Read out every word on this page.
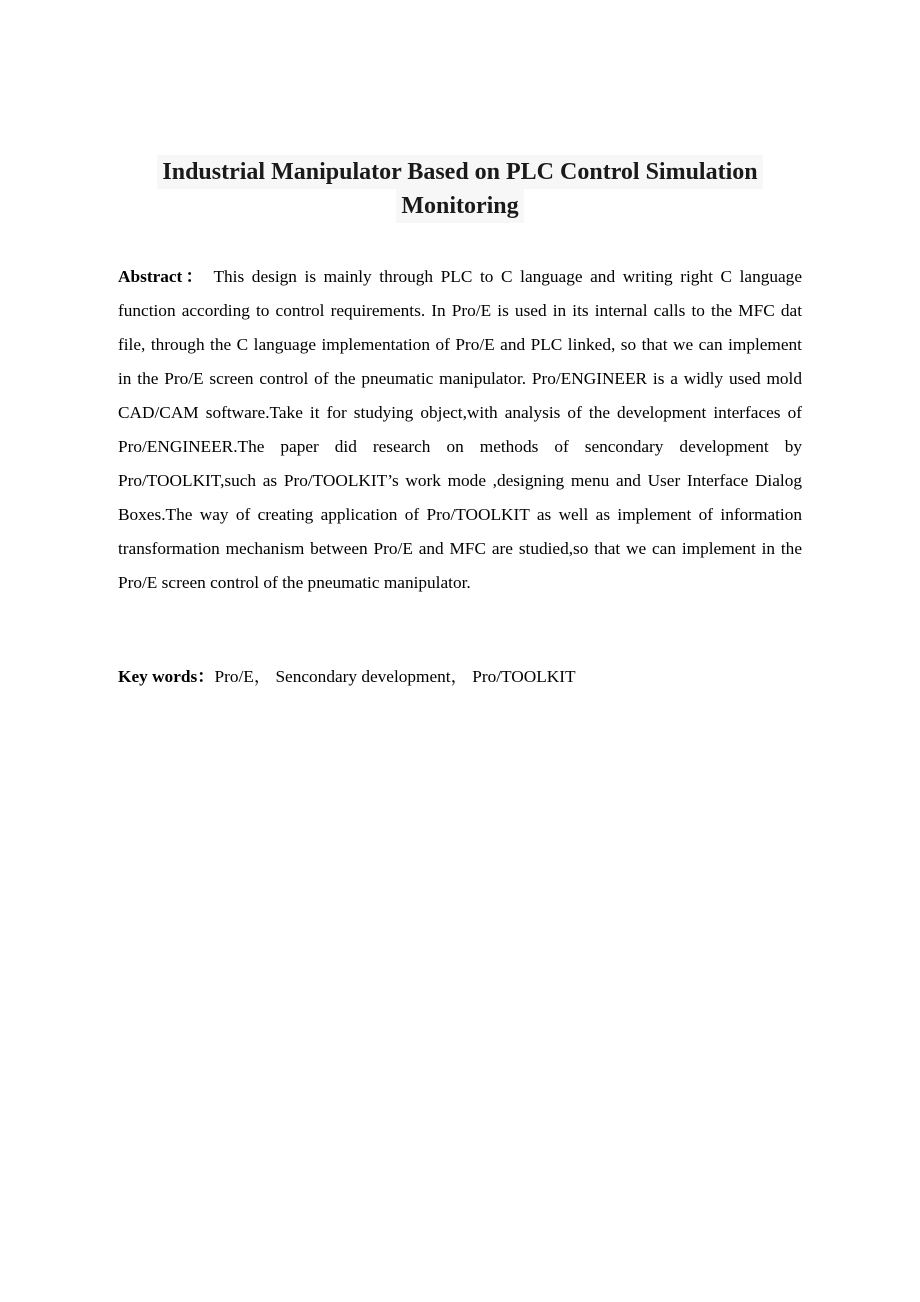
Industrial Manipulator Based on PLC Control Simulation
Monitoring

Abstract： This design is mainly through PLC to C language and writing right C language function according to control requirements. In Pro/E is used in its internal calls to the MFC dat file, through the C language implementation of Pro/E and PLC linked, so that we can implement in the Pro/E screen control of the pneumatic manipulator. Pro/ENGINEER is a widly used mold CAD/CAM software.Take it for studying object,with analysis of the development interfaces of Pro/ENGINEER.The paper did research on methods of sencondary development by Pro/TOOLKIT,such as Pro/TOOLKIT’s work mode ,designing menu and User Interface Dialog Boxes.The way of creating application of Pro/TOOLKIT as well as implement of information transformation mechanism between Pro/E and MFC are studied,so that we can implement in the Pro/E screen control of the pneumatic manipulator.

Key words：Pro/E， Sencondary development， Pro/TOOLKIT
